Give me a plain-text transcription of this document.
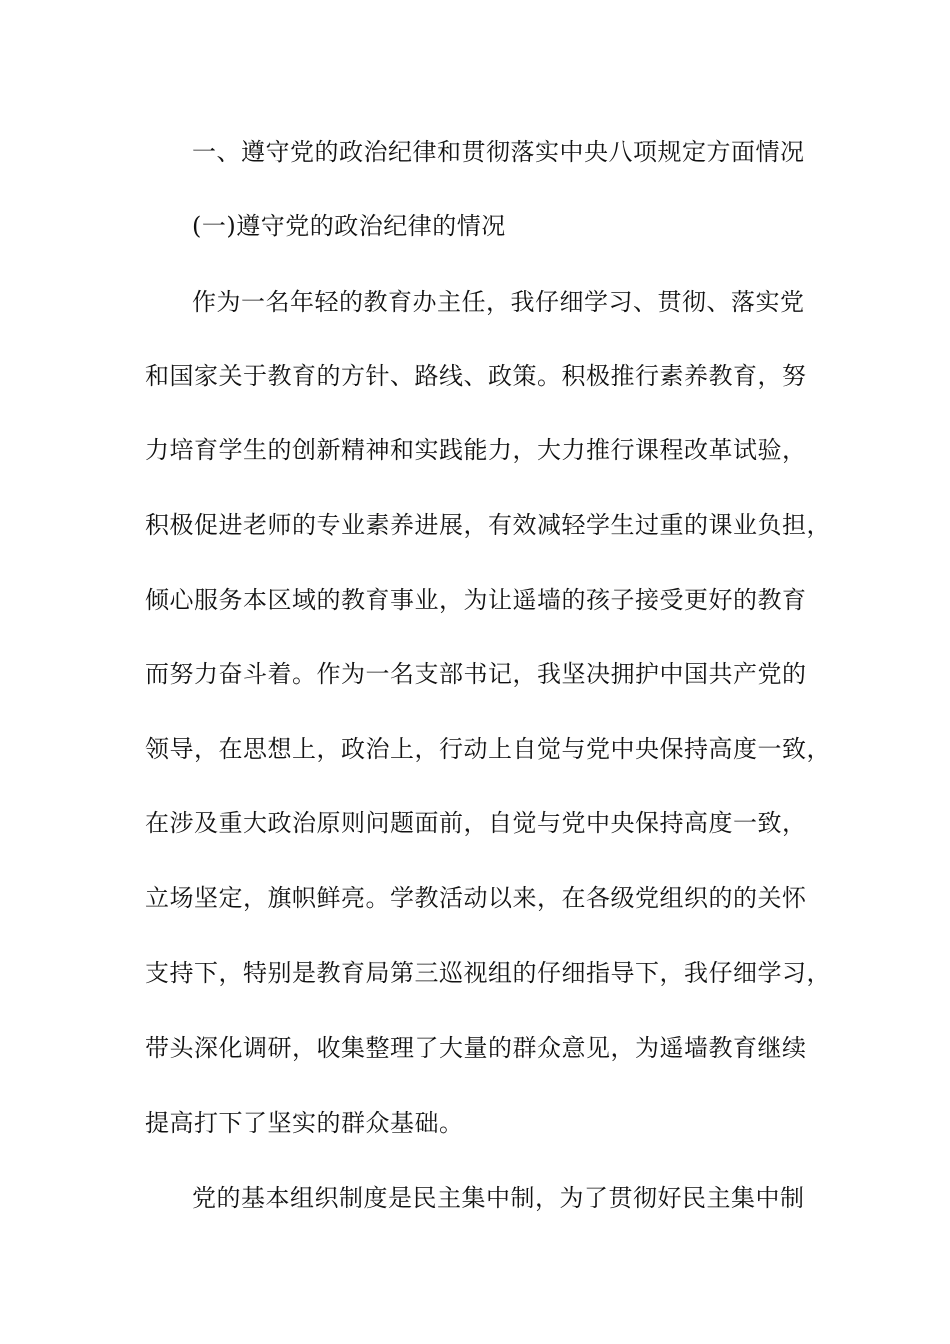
一、遵守党的政治纪律和贯彻落实中央八项规定方面情况
(一)遵守党的政治纪律的情况
作为一名年轻的教育办主任，我仔细学习、贯彻、落实党
和国家关于教育的方针、路线、政策。积极推行素养教育，努
力培育学生的创新精神和实践能力，大力推行课程改革试验，
积极促进老师的专业素养进展，有效减轻学生过重的课业负担，
倾心服务本区域的教育事业，为让遥墙的孩子接受更好的教育
而努力奋斗着。作为一名支部书记，我坚决拥护中国共产党的
领导，在思想上，政治上，行动上自觉与党中央保持高度一致，
在涉及重大政治原则问题面前，自觉与党中央保持高度一致，
立场坚定，旗帜鲜亮。学教活动以来，在各级党组织的的关怀
支持下，特别是教育局第三巡视组的仔细指导下，我仔细学习，
带头深化调研，收集整理了大量的群众意见，为遥墙教育继续
提高打下了坚实的群众基础。
党的基本组织制度是民主集中制，为了贯彻好民主集中制
